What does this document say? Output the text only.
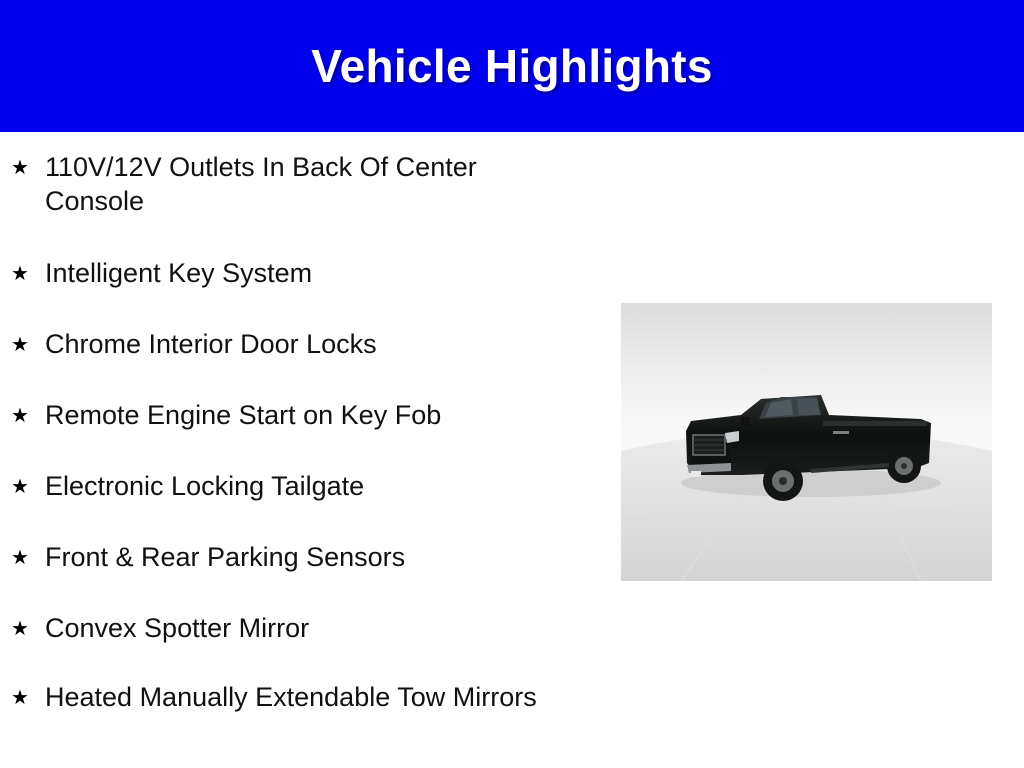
Vehicle Highlights
★ 110V/12V Outlets In Back Of Center Console
★ Intelligent Key System
★ Chrome Interior Door Locks
★ Remote Engine Start on Key Fob
★ Electronic Locking Tailgate
★ Front & Rear Parking Sensors
★ Convex Spotter Mirror
★ Heated Manually Extendable Tow Mirrors
